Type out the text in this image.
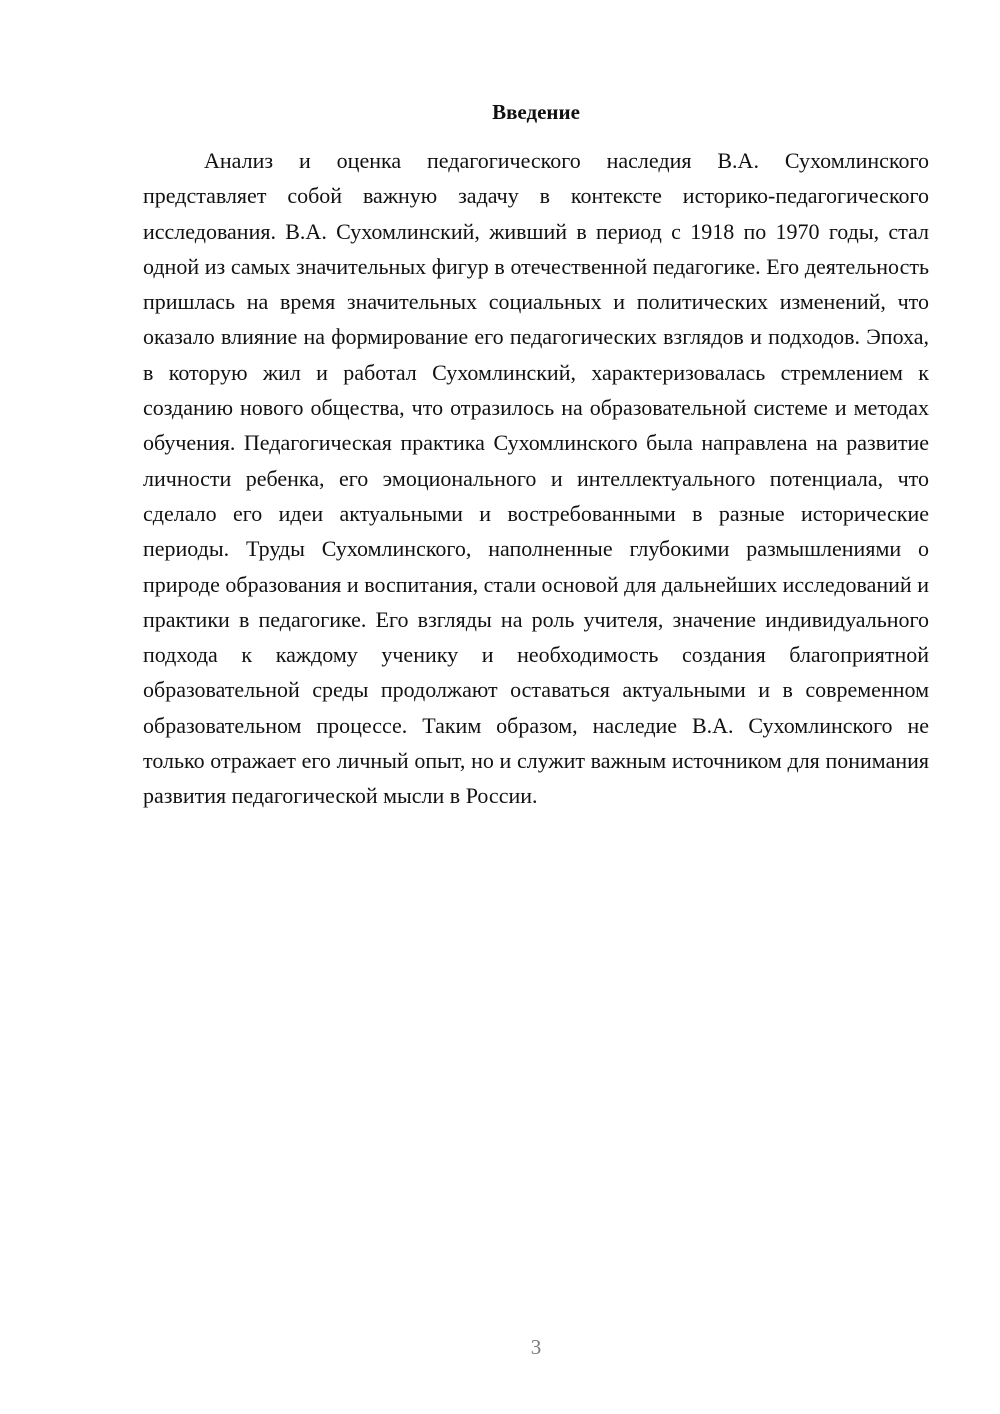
Введение

Анализ и оценка педагогического наследия В.А. Сухомлинского представляет собой важную задачу в контексте историко-педагогического исследования. В.А. Сухомлинский, живший в период с 1918 по 1970 годы, стал одной из самых значительных фигур в отечественной педагогике. Его деятельность пришлась на время значительных социальных и политических изменений, что оказало влияние на формирование его педагогических взглядов и подходов. Эпоха, в которую жил и работал Сухомлинский, характеризовалась стремлением к созданию нового общества, что отразилось на образовательной системе и методах обучения. Педагогическая практика Сухомлинского была направлена на развитие личности ребенка, его эмоционального и интеллектуального потенциала, что сделало его идеи актуальными и востребованными в разные исторические периоды. Труды Сухомлинского, наполненные глубокими размышлениями о природе образования и воспитания, стали основой для дальнейших исследований и практики в педагогике. Его взгляды на роль учителя, значение индивидуального подхода к каждому ученику и необходимость создания благоприятной образовательной среды продолжают оставаться актуальными и в современном образовательном процессе. Таким образом, наследие В.А. Сухомлинского не только отражает его личный опыт, но и служит важным источником для понимания развития педагогической мысли в России.

3
